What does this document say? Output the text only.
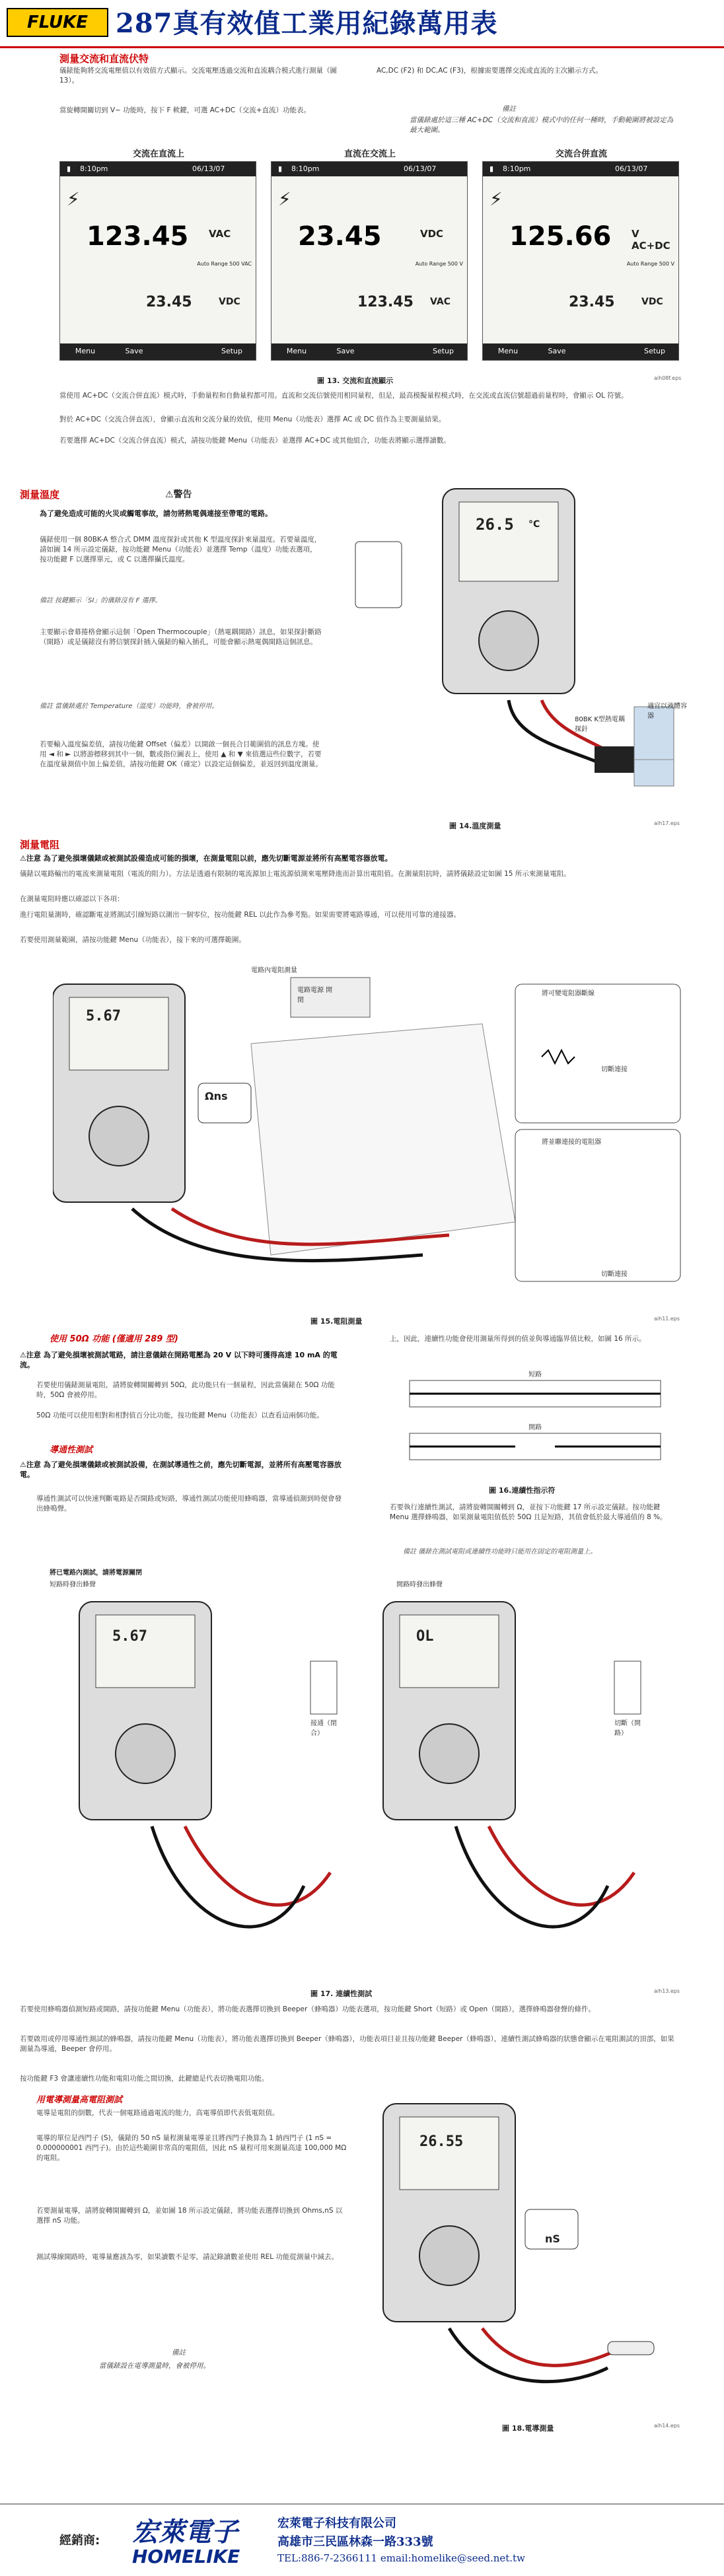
FLUKE	287真有效值工業用紀錄萬用表
測量交流和直流伏特
儀錶能夠將交流電壓值以有效值方式顯示。交流電壓透過交流和直流耦合模式進行測量（圖 13）。
當旋轉開關切到 V~ 功能時，按下 F 軟鍵，可選 AC+DC（交流+直流）功能表。
AC,DC (F2) 和 DC,AC (F3)，根據需要選擇交流或直流的主次顯示方式。
備註
當儀錶處於這三種 AC+DC（交流和直流）模式中的任何一種時，手動範圍將被設定為最大範圍。
交流在直流上
▮ 8:10pm	06/13/07
⚡
123.45 VAC
Auto Range 500 VAC
23.45	VDC
Menu	Save	Setup
直流在交流上
▮ 8:10pm	06/13/07
⚡
23.45	VDC
Auto Range 500 V
123.45 VAC
Menu	Save	Setup
交流合併直流
▮ 8:10pm	06/13/07
⚡
125.66 V AC+DC
Auto Range 500 V
23.45	VDC
Menu	Save	Setup
圖 13. 交流和直流顯示	aih08f.eps
當使用 AC+DC（交流合併直流）模式時，手動量程和自動量程都可用。直流和交流信號使用相同量程，但是，最高模擬量程模式時，在交流或直流信號超過前量程時，會顯示 OL 符號。
對於 AC+DC（交流合併直流），會顯示直流和交流分量的效值，使用 Menu（功能表）選擇 AC 或 DC 值作為主要測量結果。
若要選擇 AC+DC（交流合併直流）模式，請按功能鍵 Menu（功能表）並選擇 AC+DC 或其他組合，功能表將顯示選擇讀數。
測量溫度	⚠警告
為了避免造成可能的火災或觸電事故，請勿將熱電偶連接至帶電的電路。
儀錶使用一個 80BK-A 整合式 DMM 溫度探針或其他 K 型溫度探針來量溫度。若要量溫度，請如圖 14 所示設定儀錶，按功能鍵 Menu（功能表）並選擇 Temp（溫度）功能表選項，按功能鍵 F 以選擇單元，或 C 以選擇攝氏溫度。
備註 按鍵顯示「SI」的儀錶沒有 F 選擇。
主要顯示會幕捲格會顯示這個「Open Thermocouple」（熱電耦開路）訊息，如果探針斷路（開路）或是儀錶沒有將信號探針插入儀錶的輸入插孔，可能會顯示熱電偶開路這個訊息。
備註 當儀錶處於 Temperature（溫度）功能時，會被停用。
若要輸入溫度偏差值，請按功能鍵 Offset（偏差）以開啟一個長合目範圍值的訊息方塊。使用 ◄ 和 ► 以將游標移到其中一個，數或指位圖表上，使用 ▲ 和 ▼ 來值選這些位數字，若要在溫度量測值中加上偏差值，請按功能鍵 OK（確定）以設定這個偏差，並返回到溫度測量。
26.5 °C
80BK K型熱電耦探針
適宜以液體容器
圖 14.溫度測量	aih17.eps
測量電阻
⚠注意 為了避免損壞儀錶或被測試設備造成可能的損壞，在測量電阻以前，應先切斷電源並將所有高壓電容器放電。
儀錶以電路輸出的電流來測量電阻（電流的阻力）。方法是透過有限制的電流源加上電流源偵測來電壓降進而計算出電阻值。在測量阻抗時，請將儀錶設定如圖 15 所示來測量電阻。
在測量電阻時應以確認以下各項：
進行電阻量測時，確認斷電並將測試引線短路以測出一個零位，按功能鍵 REL 以此作為參考點。如果需要將電路導通，可以使用可靠的連接器。
若要使用測量範圍，請按功能鍵 Menu（功能表），接下來的可選擇範圍。
5.67
Ωns
電路內電阻測量
電路電源 開閉
將可變電阻器斷線
切斷連接
將並聯連接的電阻器
切斷連接
圖 15.電阻測量	aih11.eps
使用 50Ω 功能 (僅適用 289 型)
⚠注意 為了避免損壞被測試電路，請注意儀錶在開路電壓為 20 V 以下時可獲得高達 10 mA 的電流。
若要使用儀錶測量電阻，請將旋轉開關轉到 50Ω，此功能只有一個量程，因此當儀錶在 50Ω 功能時，50Ω 會被停用。
50Ω 功能可以使用相對和相對值百分比功能，按功能鍵 Menu（功能表）以查看這兩個功能。
導通性測試
⚠注意 為了避免損壞儀錶或被測試設備，在測試導通性之前，應先切斷電源，並將所有高壓電容器放電。
導通性測試可以快速判斷電路是否開路或短路，導通性測試功能使用蜂鳴器，當導通偵測到時便會發出蜂鳴聲。
上，因此，連續性功能會使用測量所得到的值並與導通臨界值比較，如圖 16 所示。
短路
開路
圖 16.連續性指示符
若要執行連續性測試，請將旋轉開關轉到 Ω，並按下功能鍵 17 所示設定儀錶。按功能鍵 Menu 選擇蜂鳴器，如果測量電阻值低於 50Ω 且是短路，其值會低於最大導通值的 8 %。
備註 儀錶在測試電阻或連續性功能時只能用在固定的電阻測量上。
將已電路內測試，請將電源關閉
短路時發出蜂聲	開路時發出蜂聲
5.67	OL
接通（閉合）
切斷（開路）
圖 17. 連續性測試	aih13.eps
若要使用蜂鳴器偵測短路或開路，請按功能鍵 Menu（功能表），將功能表選擇切換到 Beeper（蜂鳴器）功能表選項，按功能鍵 Short（短路）或 Open（開路），選擇蜂鳴器發聲的條件。
若要啟用或停用導通性測試的蜂鳴器，請按功能鍵 Menu（功能表），將功能表選擇切換到 Beeper（蜂鳴器），功能表項目並且按功能鍵 Beeper（蜂鳴器），連續性測試蜂鳴器的狀態會顯示在電阻測試的頂部，如果測量為導通，Beeper 會停用。
按功能鍵 F3 會讓連續性功能和電阻功能之間切換，此鍵總是代表切換電阻功能。
用電導測量高電阻測試
電導是電阻的倒數，代表一個電路通過電流的能力，高電導值即代表低電阻值。
電導的單位是西門子 (S)，儀錶的 50 nS 量程測量電導並且將西門子換算為 1 納西門子 (1 nS = 0.000000001 西門子)。由於這些範圍非常高的電阻值，因此 nS 量程可用來測量高達 100,000 MΩ 的電阻。
若要測量電導，請將旋轉開關轉到 Ω，並如圖 18 所示設定儀錶，將功能表選擇切換到 Ohms,nS 以選擇 nS 功能。
測試導線開路時，電導量應該為零，如果讀數不是零，請記錄讀數並使用 REL 功能從測量中減去。
備註
當儀錶設在電導測量時，會被停用。
26.55
nS
圖 18.電導測量	aih14.eps
經銷商: 宏萊電子
HOMELIKE
宏萊電子科技有限公司
高雄市三民區林森一路333號
TEL:886-7-2366111 email:homelike@seed.net.tw
